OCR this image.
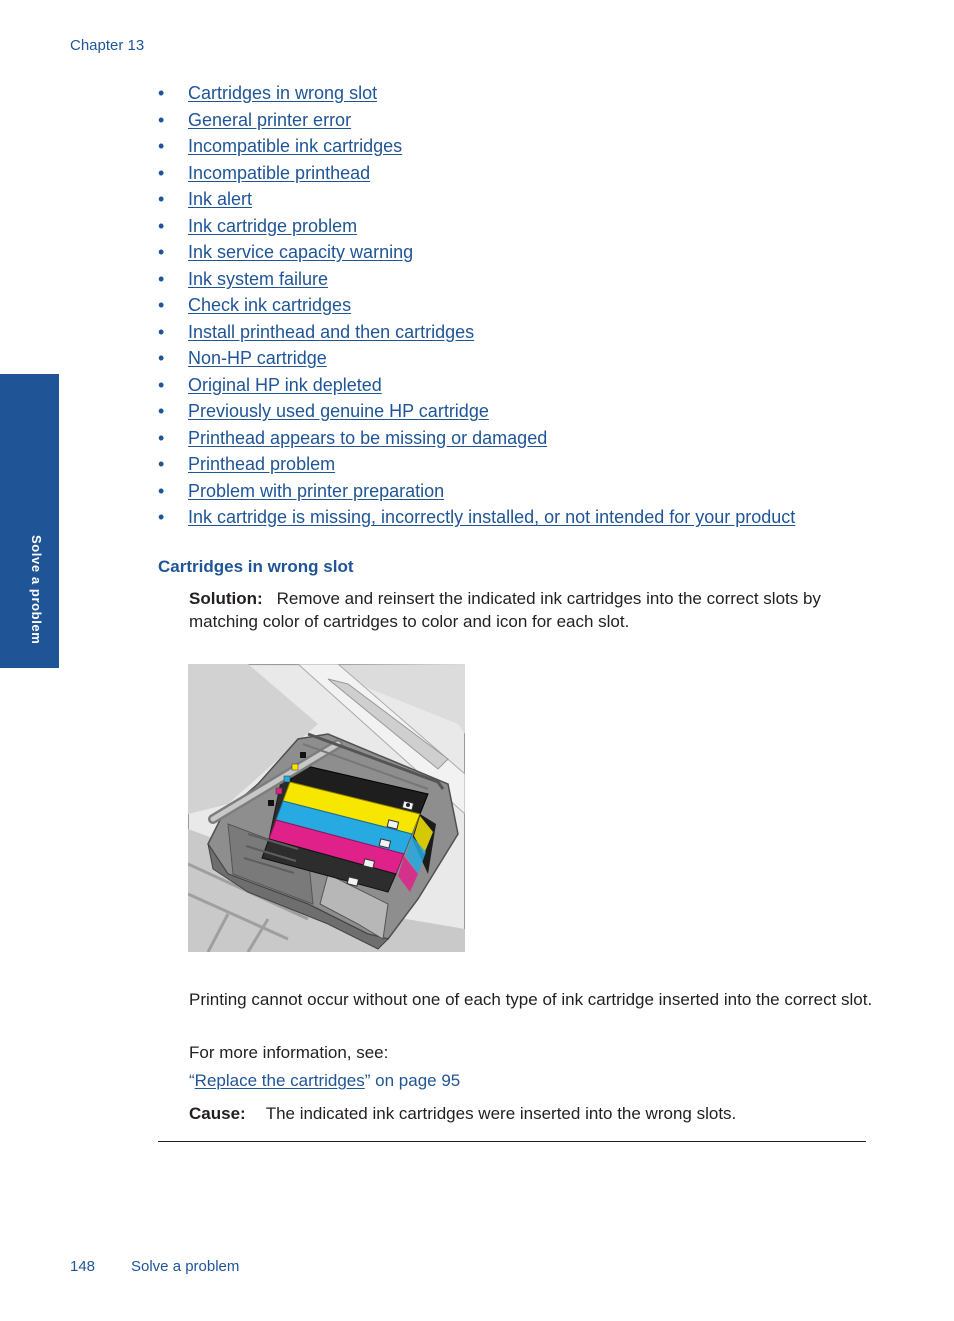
Chapter 13
Solve a problem
• Cartridges in wrong slot
• General printer error
• Incompatible ink cartridges
• Incompatible printhead
• Ink alert
• Ink cartridge problem
• Ink service capacity warning
• Ink system failure
• Check ink cartridges
• Install printhead and then cartridges
• Non-HP cartridge
• Original HP ink depleted
• Previously used genuine HP cartridge
• Printhead appears to be missing or damaged
• Printhead problem
• Problem with printer preparation
• Ink cartridge is missing, incorrectly installed, or not intended for your product
Cartridges in wrong slot
Solution: Remove and reinsert the indicated ink cartridges into the correct slots by matching color of cartridges to color and icon for each slot.
Printing cannot occur without one of each type of ink cartridge inserted into the correct slot.
For more information, see:
“Replace the cartridges” on page 95
Cause: The indicated ink cartridges were inserted into the wrong slots.
148 Solve a problem
